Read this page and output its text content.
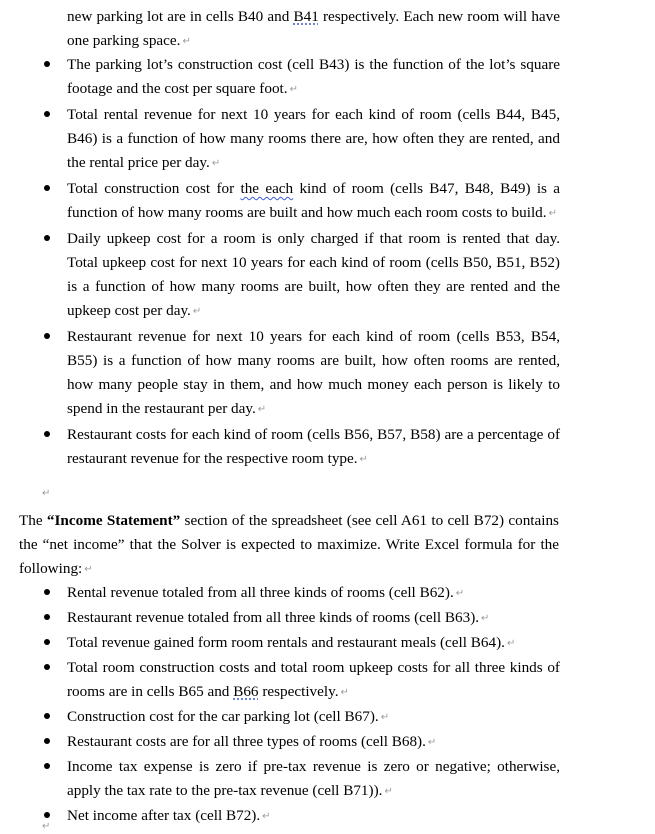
new parking lot are in cells B40 and B41 respectively. Each new room will have one parking space. ↵

The parking lot’s construction cost (cell B43) is the function of the lot’s square footage and the cost per square foot. ↵
Total rental revenue for next 10 years for each kind of room (cells B44, B45, B46) is a function of how many rooms there are, how often they are rented, and the rental price per day. ↵
Total construction cost for the each kind of room (cells B47, B48, B49) is a function of how many rooms are built and how much each room costs to build. ↵
Daily upkeep cost for a room is only charged if that room is rented that day. Total upkeep cost for next 10 years for each kind of room (cells B50, B51, B52) is a function of how many rooms are built, how often they are rented and the upkeep cost per day. ↵
Restaurant revenue for next 10 years for each kind of room (cells B53, B54, B55) is a function of how many rooms are built, how often rooms are rented, how many people stay in them, and how much money each person is likely to spend in the restaurant per day. ↵
Restaurant costs for each kind of room (cells B56, B57, B58) are a percentage of restaurant revenue for the respective room type. ↵
↵

The “Income Statement” section of the spreadsheet (see cell A61 to cell B72) contains the “net income” that the Solver is expected to maximize. Write Excel formula for the following: ↵

Rental revenue totaled from all three kinds of rooms (cell B62). ↵
Restaurant revenue totaled from all three kinds of rooms (cell B63). ↵
Total revenue gained form room rentals and restaurant meals (cell B64). ↵
Total room construction costs and total room upkeep costs for all three kinds of rooms are in cells B65 and B66 respectively. ↵
Construction cost for the car parking lot (cell B67). ↵
Restaurant costs are for all three types of rooms (cell B68). ↵
Income tax expense is zero if pre-tax revenue is zero or negative; otherwise, apply the tax rate to the pre-tax revenue (cell B71)). ↵
Net income after tax (cell B72). ↵
↵
